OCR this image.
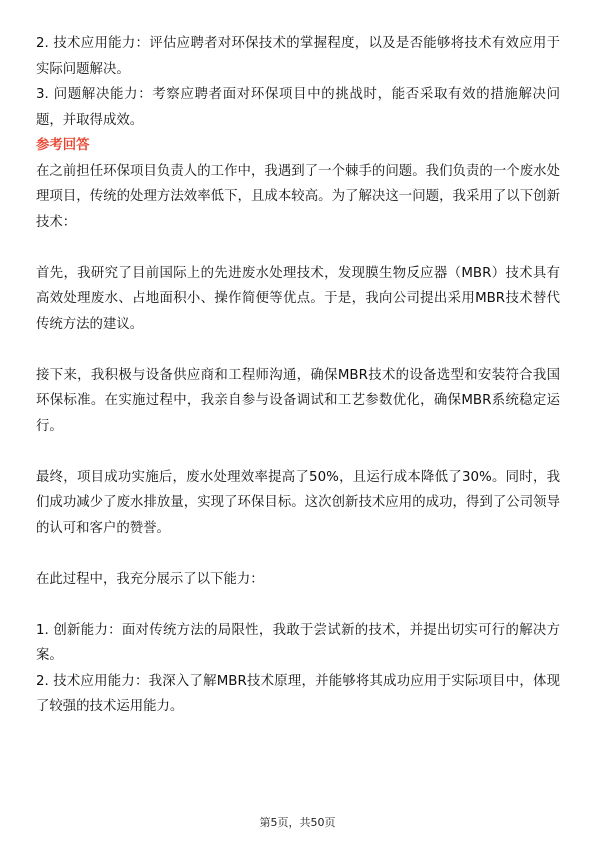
2. 技术应用能力：评估应聘者对环保技术的掌握程度，以及是否能够将技术有效应用于实际问题解决。

3. 问题解决能力：考察应聘者面对环保项目中的挑战时，能否采取有效的措施解决问题，并取得成效。

参考回答

在之前担任环保项目负责人的工作中，我遇到了一个棘手的问题。我们负责的一个废水处理项目，传统的处理方法效率低下，且成本较高。为了解决这一问题，我采用了以下创新技术：

首先，我研究了目前国际上的先进废水处理技术，发现膜生物反应器（MBR）技术具有高效处理废水、占地面积小、操作简便等优点。于是，我向公司提出采用MBR技术替代传统方法的建议。

接下来，我积极与设备供应商和工程师沟通，确保MBR技术的设备选型和安装符合我国环保标准。在实施过程中，我亲自参与设备调试和工艺参数优化，确保MBR系统稳定运行。

最终，项目成功实施后，废水处理效率提高了50%，且运行成本降低了30%。同时，我们成功减少了废水排放量，实现了环保目标。这次创新技术应用的成功，得到了公司领导的认可和客户的赞誉。

在此过程中，我充分展示了以下能力：

1. 创新能力：面对传统方法的局限性，我敢于尝试新的技术，并提出切实可行的解决方案。

2. 技术应用能力：我深入了解MBR技术原理，并能够将其成功应用于实际项目中，体现了较强的技术运用能力。

第5页，共50页
